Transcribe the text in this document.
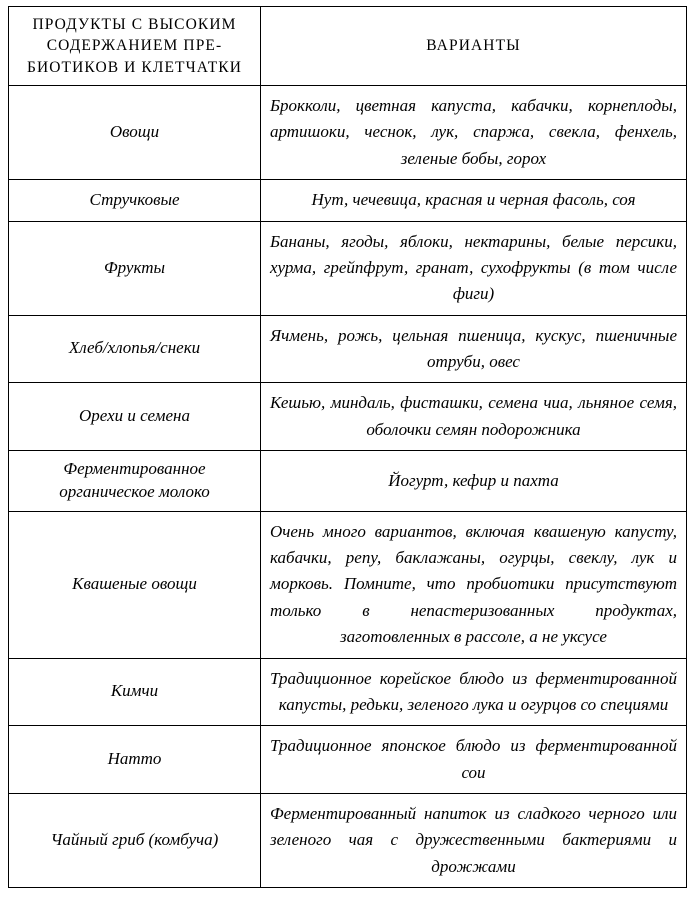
ПРОДУКТЫ С ВЫСОКИМ СОДЕРЖАНИЕМ ПРЕ-БИОТИКОВ И КЛЕТЧАТКИ	ВАРИАНТЫ
Овощи	Брокколи, цветная капуста, кабачки, корнеплоды, артишоки, чеснок, лук, спаржа, свекла, фенхель, зеленые бобы, горох
Стручковые	Нут, чечевица, красная и черная фасоль, соя
Фрукты	Бананы, ягоды, яблоки, нектарины, белые персики, хурма, грейпфрут, гранат, сухофрукты (в том числе фиги)
Хлеб/хлопья/снеки	Ячмень, рожь, цельная пшеница, кускус, пшеничные отруби, овес
Орехи и семена	Кешью, миндаль, фисташки, семена чиа, льняное семя, оболочки семян подорожника
Ферментированное органическое молоко	Йогурт, кефир и пахта
Квашеные овощи	Очень много вариантов, включая квашеную капусту, кабачки, репу, баклажаны, огурцы, свеклу, лук и морковь. Помните, что пробиотики присутствуют только в непастеризованных продуктах, заготовленных в рассоле, а не уксусе
Кимчи	Традиционное корейское блюдо из ферментированной капусты, редьки, зеленого лука и огурцов со специями
Натто	Традиционное японское блюдо из ферментированной сои
Чайный гриб (комбуча)	Ферментированный напиток из сладкого черного или зеленого чая с дружественными бактериями и дрожжами
